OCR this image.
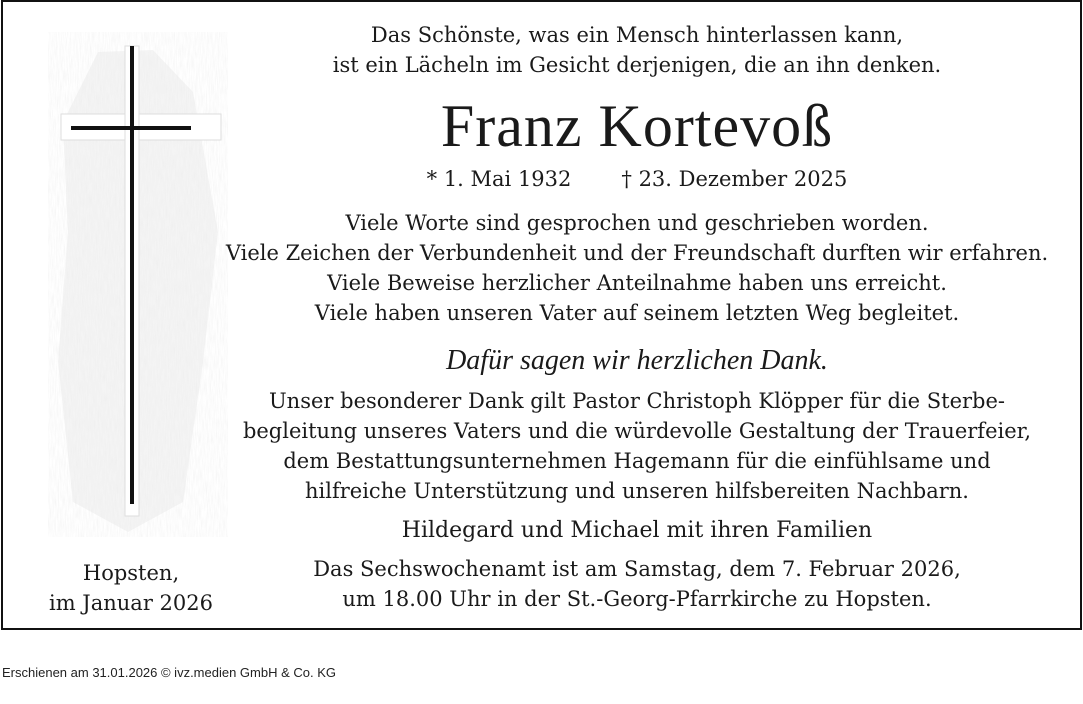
Das Schönste, was ein Mensch hinterlassen kann,
ist ein Lächeln im Gesicht derjenigen, die an ihn denken.
Franz Kortevoß
* 1. Mai 1932 † 23. Dezember 2025
Viele Worte sind gesprochen und geschrieben worden.
Viele Zeichen der Verbundenheit und der Freundschaft durften wir erfahren.
Viele Beweise herzlicher Anteilnahme haben uns erreicht.
Viele haben unseren Vater auf seinem letzten Weg begleitet.
Dafür sagen wir herzlichen Dank.
Unser besonderer Dank gilt Pastor Christoph Klöpper für die Sterbe-
begleitung unseres Vaters und die würdevolle Gestaltung der Trauerfeier,
dem Bestattungsunternehmen Hagemann für die einfühlsame und
hilfreiche Unterstützung und unseren hilfsbereiten Nachbarn.
Hildegard und Michael mit ihren Familien
Das Sechswochenamt ist am Samstag, dem 7. Februar 2026,
um 18.00 Uhr in der St.-Georg-Pfarrkirche zu Hopsten.
Hopsten,
im Januar 2026
Erschienen am 31.01.2026 © ivz.medien GmbH & Co. KG
